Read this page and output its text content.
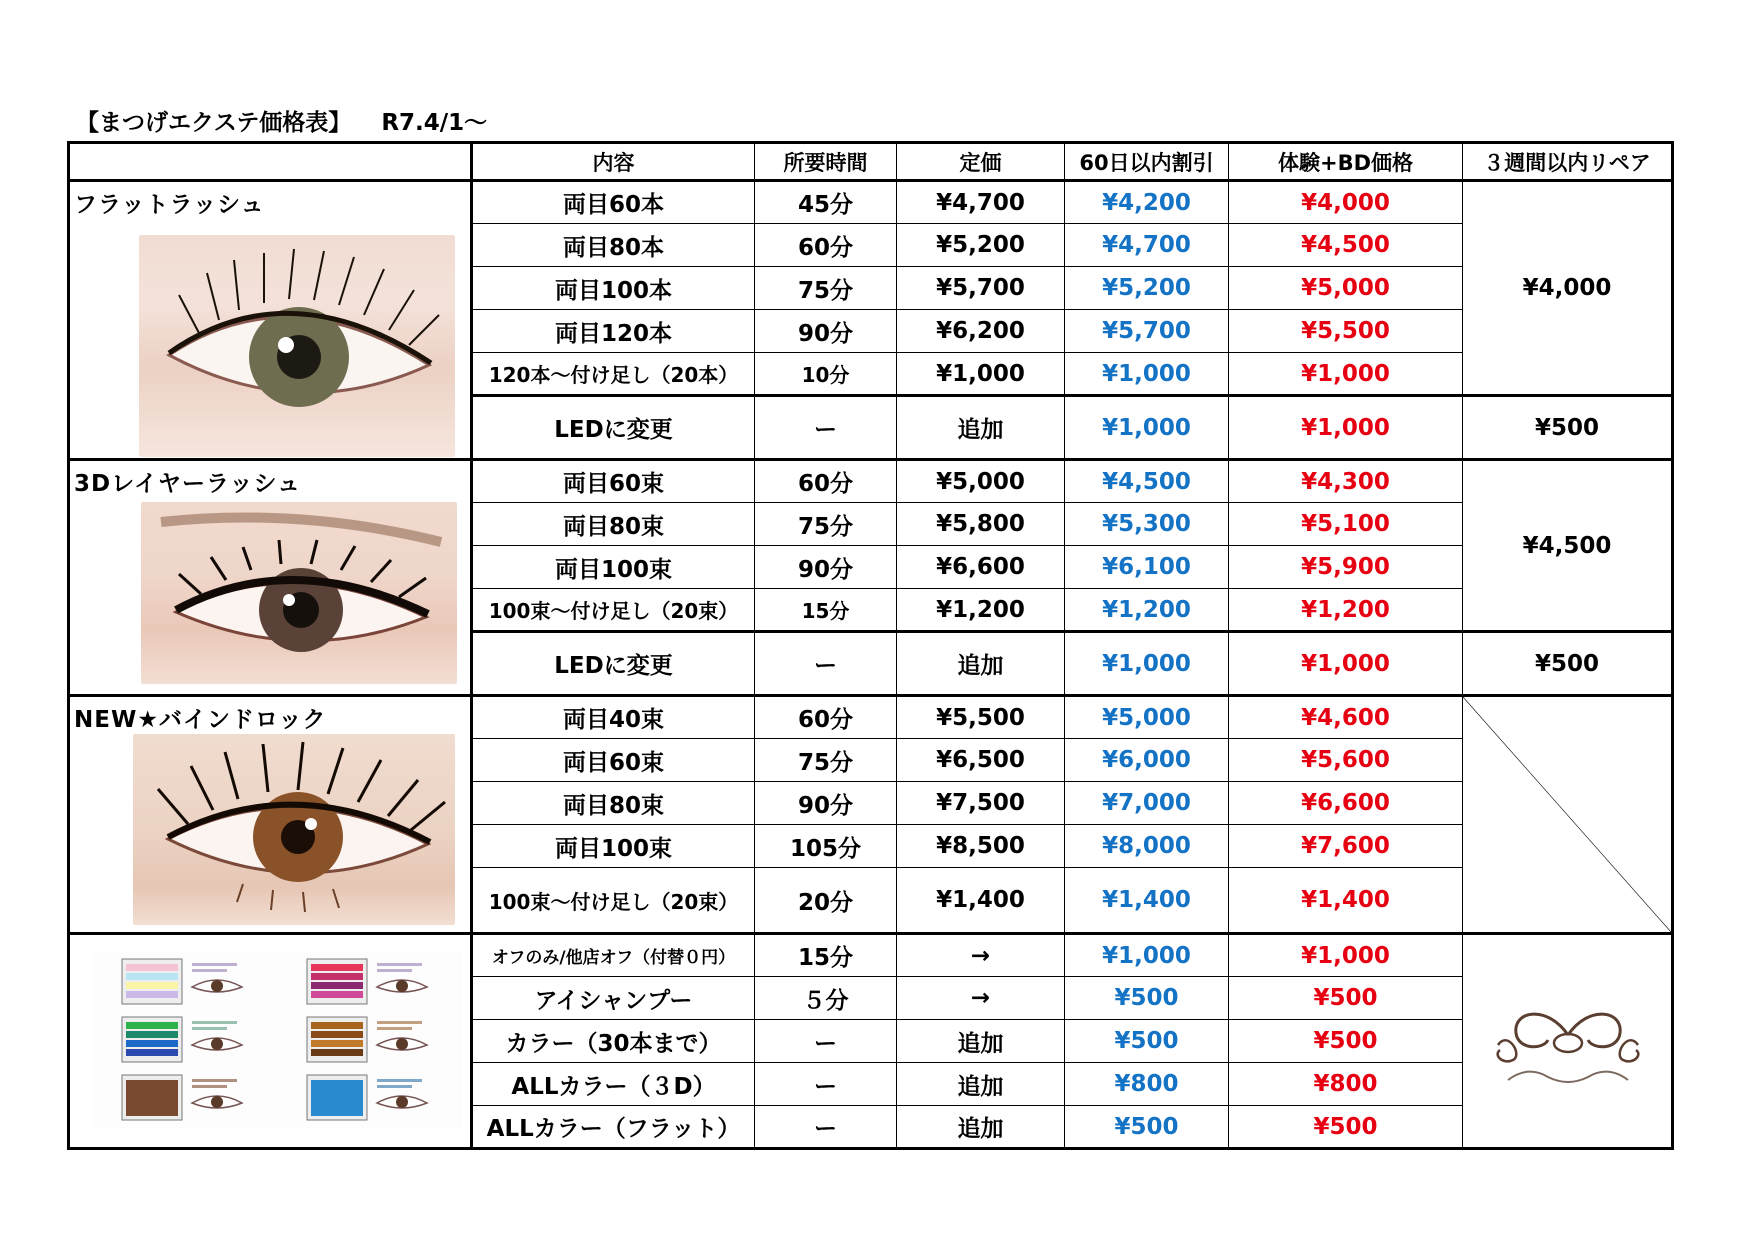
【まつげエクステ価格表】 R7.4/1〜
	内容	所要時間	定価	60日以内割引	体験+BD価格	３週間以内リペア

フラットラッシュ	両目60本	45分	¥4,700	¥4,200	¥4,000	¥4,000
	両目80本	60分	¥5,200	¥4,700	¥4,500	
	両目100本	75分	¥5,700	¥5,200	¥5,000	
	両目120本	90分	¥6,200	¥5,700	¥5,500	
	120本〜付け足し（20本）	10分	¥1,000	¥1,000	¥1,000	
	LEDに変更	ー	追加	¥1,000	¥1,000	¥500

3Dレイヤーラッシュ	両目60束	60分	¥5,000	¥4,500	¥4,300	¥4,500
	両目80束	75分	¥5,800	¥5,300	¥5,100	
	両目100束	90分	¥6,600	¥6,100	¥5,900	
	100束〜付け足し（20束）	15分	¥1,200	¥1,200	¥1,200	
	LEDに変更	ー	追加	¥1,000	¥1,000	¥500

NEW★バインドロック	両目40束	60分	¥5,500	¥5,000	¥4,600	

	両目60束	75分	¥6,500	¥6,000	¥5,600	
	両目80束	90分	¥7,500	¥7,000	¥6,600	
	両目100束	105分	¥8,500	¥8,000	¥7,600	
	100束〜付け足し（20束）	20分	¥1,400	¥1,400	¥1,400	

	オフのみ/他店オフ（付替０円）	15分	→	¥1,000	¥1,000	

	アイシャンプー	５分	→	¥500	¥500	
	カラー（30本まで）	ー	追加	¥500	¥500	
	ALLカラー（３D）	ー	追加	¥800	¥800	
	ALLカラー（フラット）	ー	追加	¥500	¥500	
